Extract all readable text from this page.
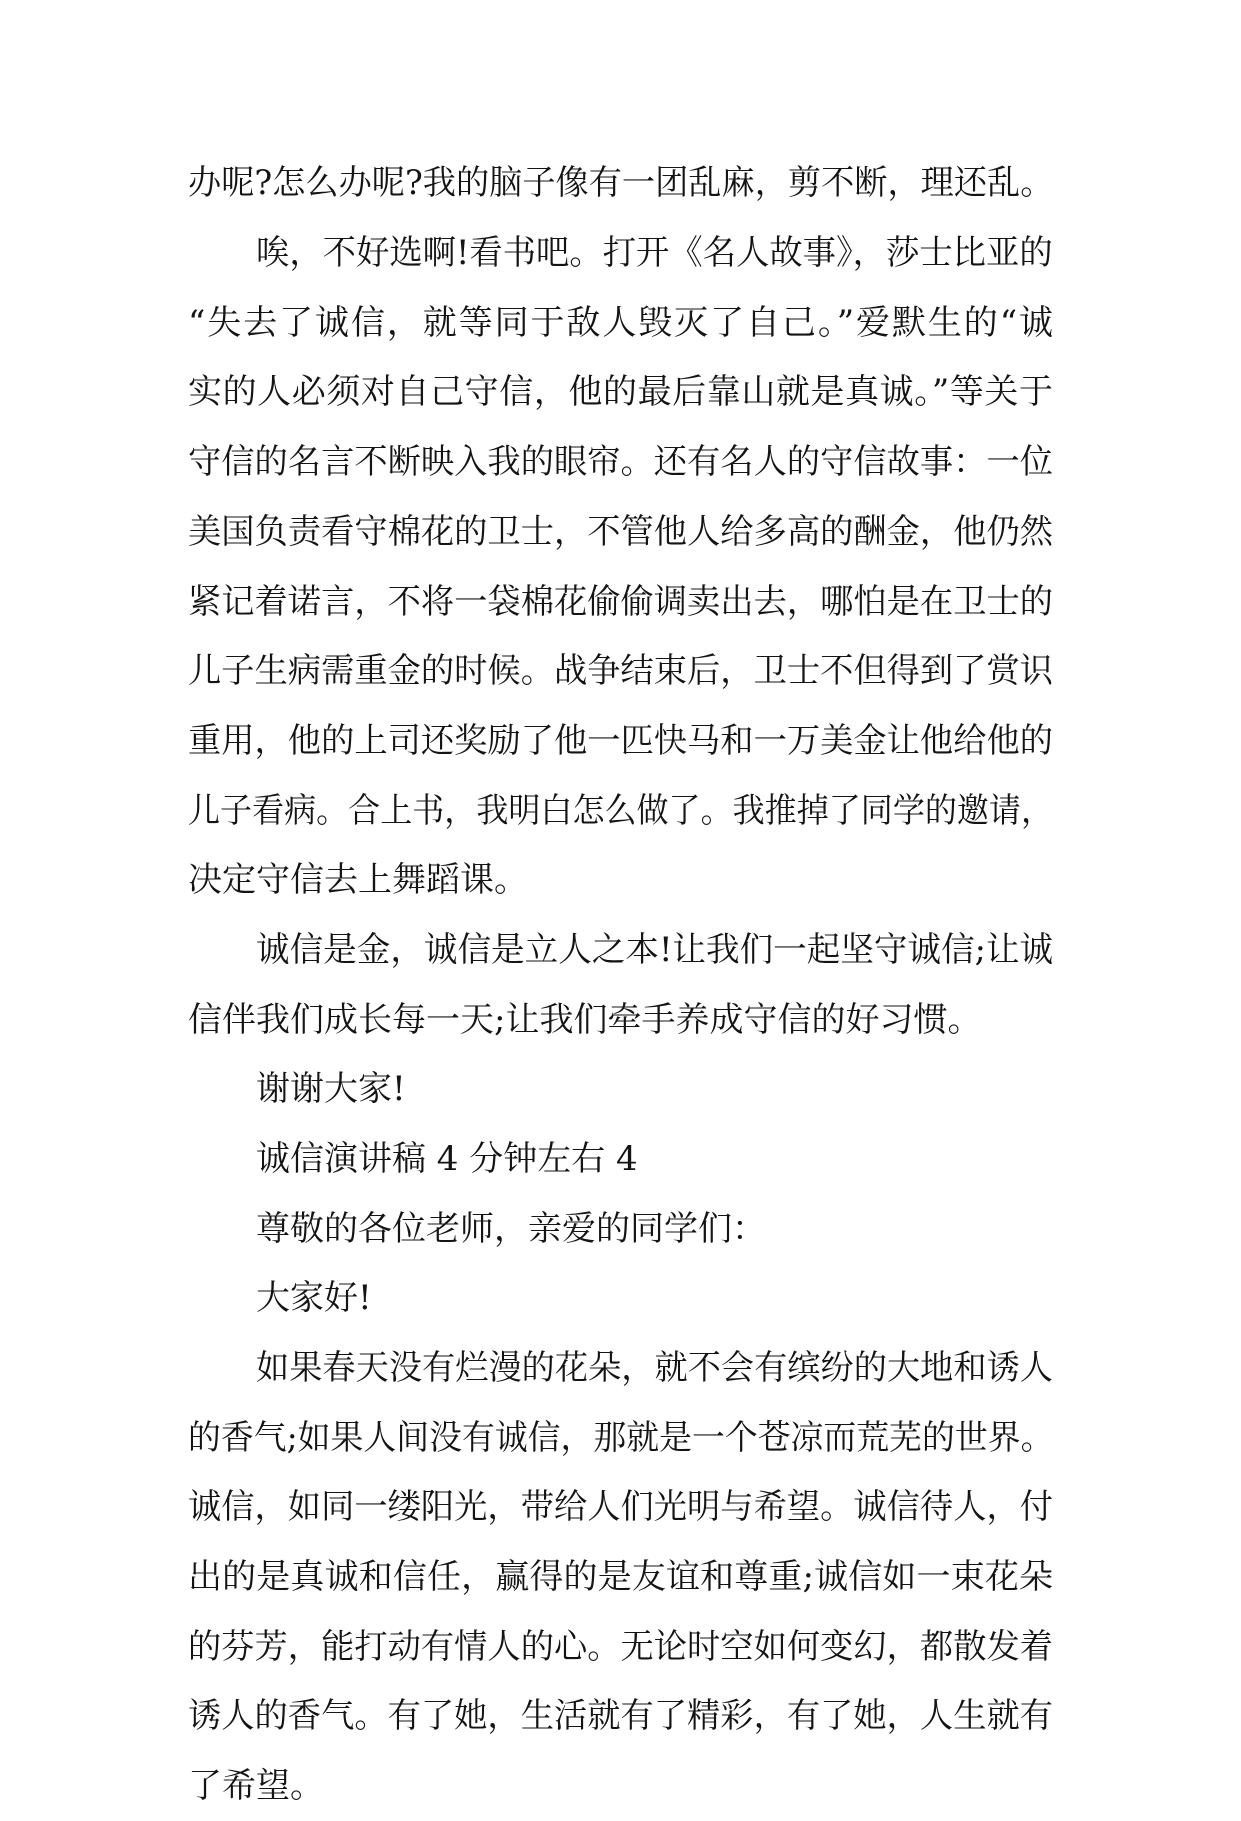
办呢?怎么办呢?我的脑子像有一团乱麻，剪不断，理还乱。
唉，不好选啊!看书吧。打开《名人故事》，莎士比亚的
“失去了诚信，就等同于敌人毁灭了自己。”爱默生的“诚
实的人必须对自己守信，他的最后靠山就是真诚。”等关于
守信的名言不断映入我的眼帘。还有名人的守信故事：一位
美国负责看守棉花的卫士，不管他人给多高的酬金，他仍然
紧记着诺言，不将一袋棉花偷偷调卖出去，哪怕是在卫士的
儿子生病需重金的时候。战争结束后，卫士不但得到了赏识
重用，他的上司还奖励了他一匹快马和一万美金让他给他的
儿子看病。合上书，我明白怎么做了。我推掉了同学的邀请，
决定守信去上舞蹈课。
诚信是金，诚信是立人之本!让我们一起坚守诚信;让诚
信伴我们成长每一天;让我们牵手养成守信的好习惯。
谢谢大家!
诚信演讲稿 4 分钟左右 4
尊敬的各位老师，亲爱的同学们：
大家好!
如果春天没有烂漫的花朵，就不会有缤纷的大地和诱人
的香气;如果人间没有诚信，那就是一个苍凉而荒芜的世界。
诚信，如同一缕阳光，带给人们光明与希望。诚信待人，付
出的是真诚和信任，赢得的是友谊和尊重;诚信如一束花朵
的芬芳，能打动有情人的心。无论时空如何变幻，都散发着
诱人的香气。有了她，生活就有了精彩，有了她，人生就有
了希望。
